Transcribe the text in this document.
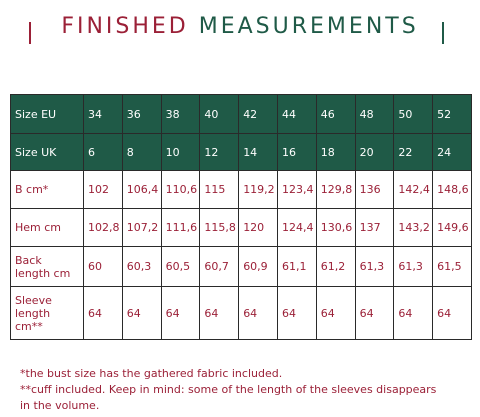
FINISHED MEASUREMENTS
Size EU	34	36	38	40	42	44	46	48	50	52
Size UK	6	8	10	12	14	16	18	20	22	24
B cm*	102	106,4	110,6	115	119,2	123,4	129,8	136	142,4	148,6
Hem cm	102,8	107,2	111,6	115,8	120	124,4	130,6	137	143,2	149,6
Back length cm	60	60,3	60,5	60,7	60,9	61,1	61,2	61,3	61,3	61,5
Sleeve length cm**	64	64	64	64	64	64	64	64	64	64
*the bust size has the gathered fabric included.
**cuff included. Keep in mind: some of the length of the sleeves disappears
in the volume.
